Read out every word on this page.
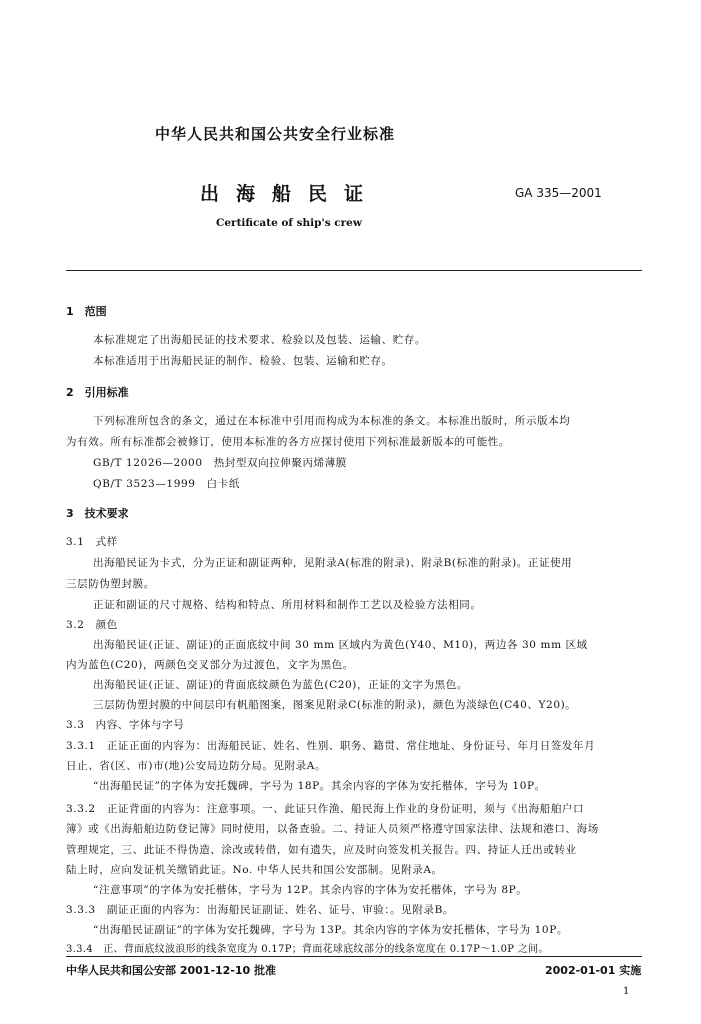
中华人民共和国公共安全行业标准
出海船民证	GA 335—2001
Certificate of ship's crew
1　范围
本标准规定了出海船民证的技术要求、检验以及包装、运输、贮存。
本标准适用于出海船民证的制作、检验、包装、运输和贮存。
2　引用标准
下列标准所包含的条文，通过在本标准中引用而构成为本标准的条文。本标准出版时，所示版本均
为有效。所有标准都会被修订，使用本标准的各方应探讨使用下列标准最新版本的可能性。
GB/T 12026—2000　热封型双向拉伸聚丙烯薄膜
QB/T 3523—1999　白卡纸
3　技术要求
3.1　式样
出海船民证为卡式，分为正证和副证两种，见附录A(标准的附录)、附录B(标准的附录)。正证使用
三层防伪塑封膜。
正证和副证的尺寸规格、结构和特点、所用材料和制作工艺以及检验方法相同。
3.2　颜色
出海船民证(正证、副证)的正面底纹中间 30 mm 区域内为黄色(Y40、M10)，两边各 30 mm 区域
内为蓝色(C20)，两颜色交叉部分为过渡色，文字为黑色。
出海船民证(正证、副证)的背面底纹颜色为蓝色(C20)，正证的文字为黑色。
三层防伪塑封膜的中间层印有帆船图案，图案见附录C(标准的附录)，颜色为淡绿色(C40、Y20)。
3.3　内容、字体与字号
3.3.1　正证正面的内容为：出海船民证、姓名、性别、职务、籍贯、常住地址、身份证号、年月日签发年月
日止、省(区、市)市(地)公安局边防分局。见附录A。
“出海船民证”的字体为安托魏碑，字号为 18P。其余内容的字体为安托楷体，字号为 10P。
3.3.2　正证背面的内容为：注意事项。一、此证只作渔、船民海上作业的身份证明，须与《出海船舶户口
簿》或《出海船舶边防登记簿》同时使用，以备查验。二、持证人员须严格遵守国家法律、法规和港口、海场
管理规定，三、此证不得伪造、涂改或转借，如有遗失，应及时向签发机关报告。四、持证人迁出或转业
陆上时，应向发证机关缴销此证。No. 中华人民共和国公安部制。见附录A。
“注意事项”的字体为安托楷体，字号为 12P。其余内容的字体为安托楷体，字号为 8P。
3.3.3　副证正面的内容为：出海船民证副证、姓名、证号、审验：。见附录B。
“出海船民证副证”的字体为安托魏碑，字号为 13P。其余内容的字体为安托楷体，字号为 10P。
3.3.4　正、背面底纹波浪形的线条宽度为 0.17P；背面花球底纹部分的线条宽度在 0.17P～1.0P 之间。
中华人民共和国公安部 2001-12-10 批准	2002-01-01 实施
1
